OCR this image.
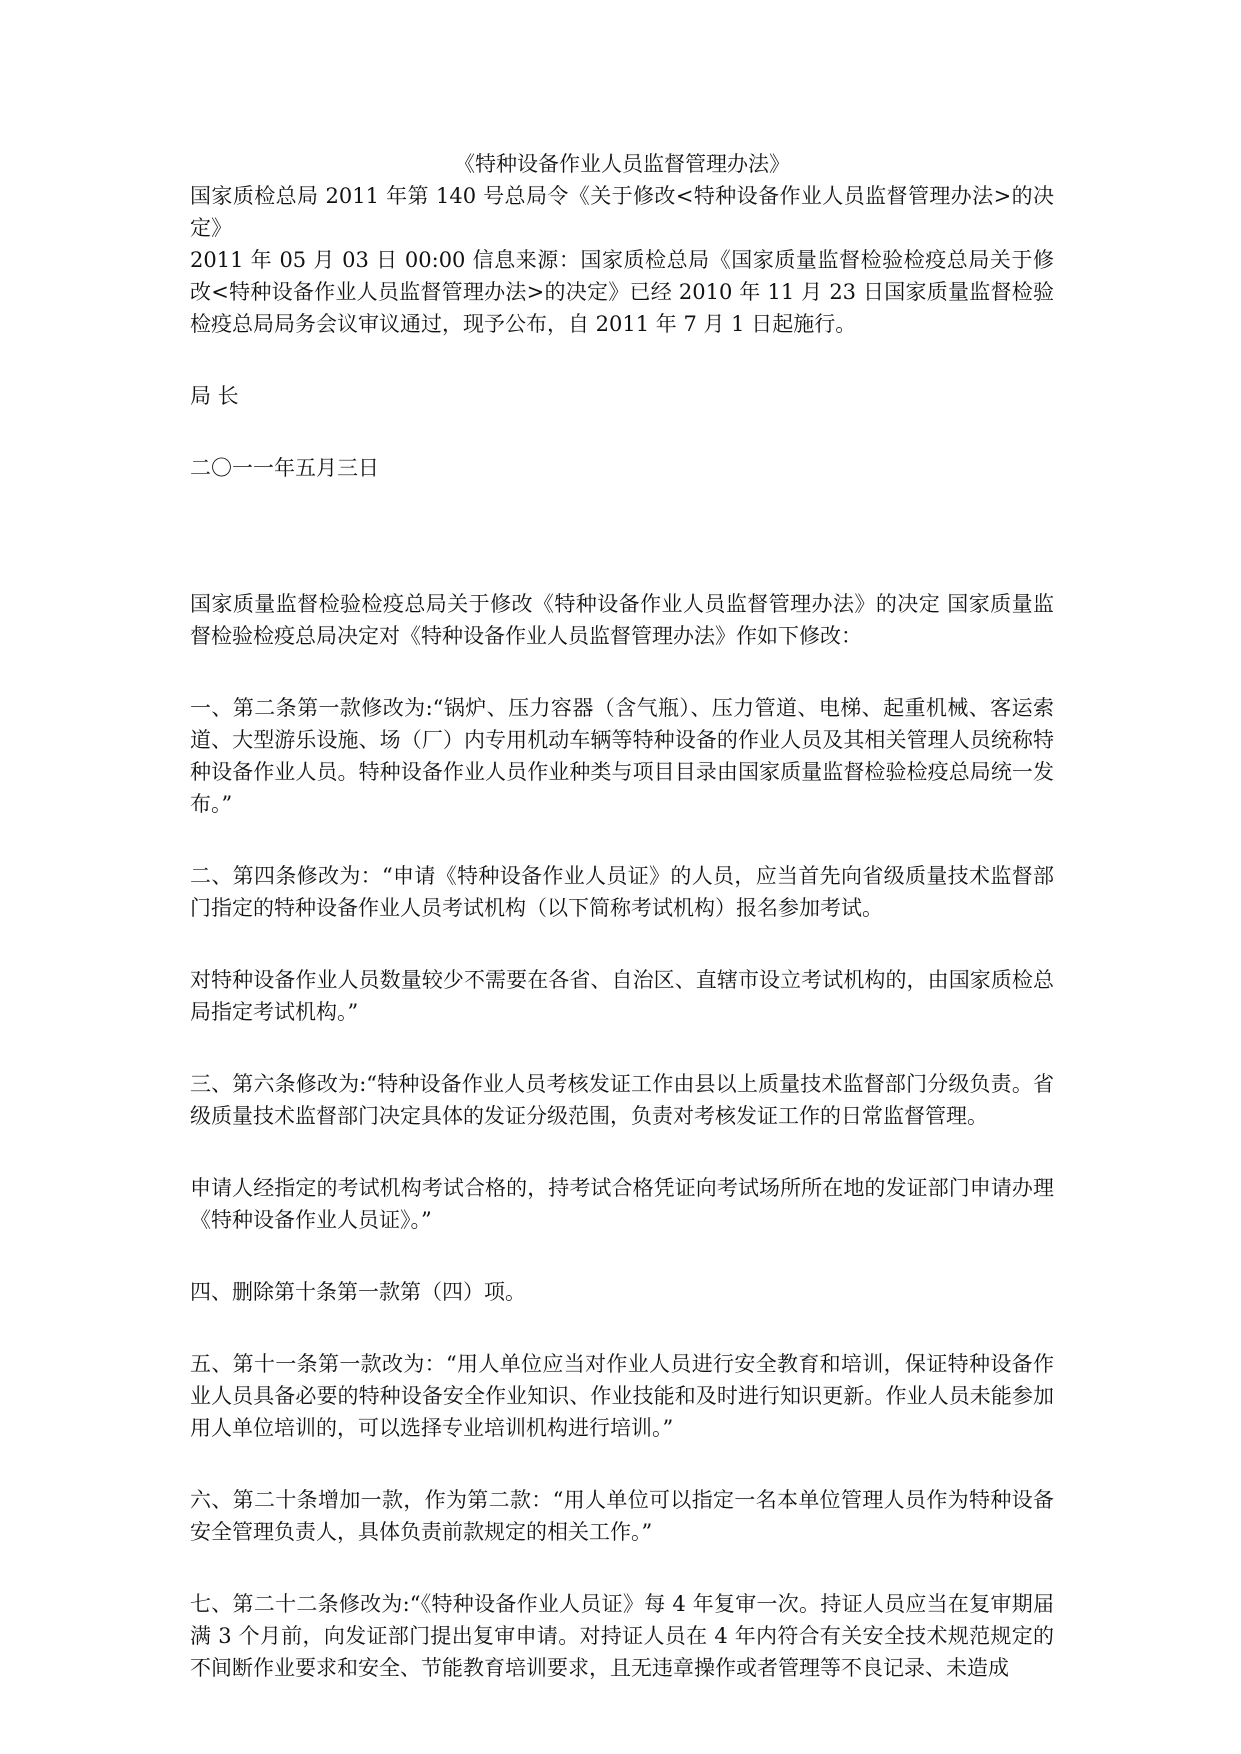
《特种设备作业人员监督管理办法》

国家质检总局 2011 年第 140 号总局令《关于修改<特种设备作业人员监督管理办法>的决定》

2011 年 05 月 03 日 00:00 信息来源：国家质检总局《国家质量监督检验检疫总局关于修改<特种设备作业人员监督管理办法>的决定》已经 2010 年 11 月 23 日国家质量监督检验检疫总局局务会议审议通过，现予公布，自 2011 年 7 月 1 日起施行。

局 长

二〇一一年五月三日

国家质量监督检验检疫总局关于修改《特种设备作业人员监督管理办法》的决定 国家质量监督检验检疫总局决定对《特种设备作业人员监督管理办法》作如下修改：

一、第二条第一款修改为:“锅炉、压力容器（含气瓶）、压力管道、电梯、起重机械、客运索道、大型游乐设施、场（厂）内专用机动车辆等特种设备的作业人员及其相关管理人员统称特种设备作业人员。特种设备作业人员作业种类与项目目录由国家质量监督检验检疫总局统一发布。”

二、第四条修改为：“申请《特种设备作业人员证》的人员，应当首先向省级质量技术监督部门指定的特种设备作业人员考试机构（以下简称考试机构）报名参加考试。

对特种设备作业人员数量较少不需要在各省、自治区、直辖市设立考试机构的，由国家质检总局指定考试机构。”

三、第六条修改为:“特种设备作业人员考核发证工作由县以上质量技术监督部门分级负责。省级质量技术监督部门决定具体的发证分级范围，负责对考核发证工作的日常监督管理。

申请人经指定的考试机构考试合格的，持考试合格凭证向考试场所所在地的发证部门申请办理《特种设备作业人员证》。”

四、删除第十条第一款第（四）项。

五、第十一条第一款改为：“用人单位应当对作业人员进行安全教育和培训，保证特种设备作业人员具备必要的特种设备安全作业知识、作业技能和及时进行知识更新。作业人员未能参加用人单位培训的，可以选择专业培训机构进行培训。”

六、第二十条增加一款，作为第二款：“用人单位可以指定一名本单位管理人员作为特种设备安全管理负责人，具体负责前款规定的相关工作。”

七、第二十二条修改为:“《特种设备作业人员证》每 4 年复审一次。持证人员应当在复审期届满 3 个月前，向发证部门提出复审申请。对持证人员在 4 年内符合有关安全技术规范规定的不间断作业要求和安全、节能教育培训要求，且无违章操作或者管理等不良记录、未造成
